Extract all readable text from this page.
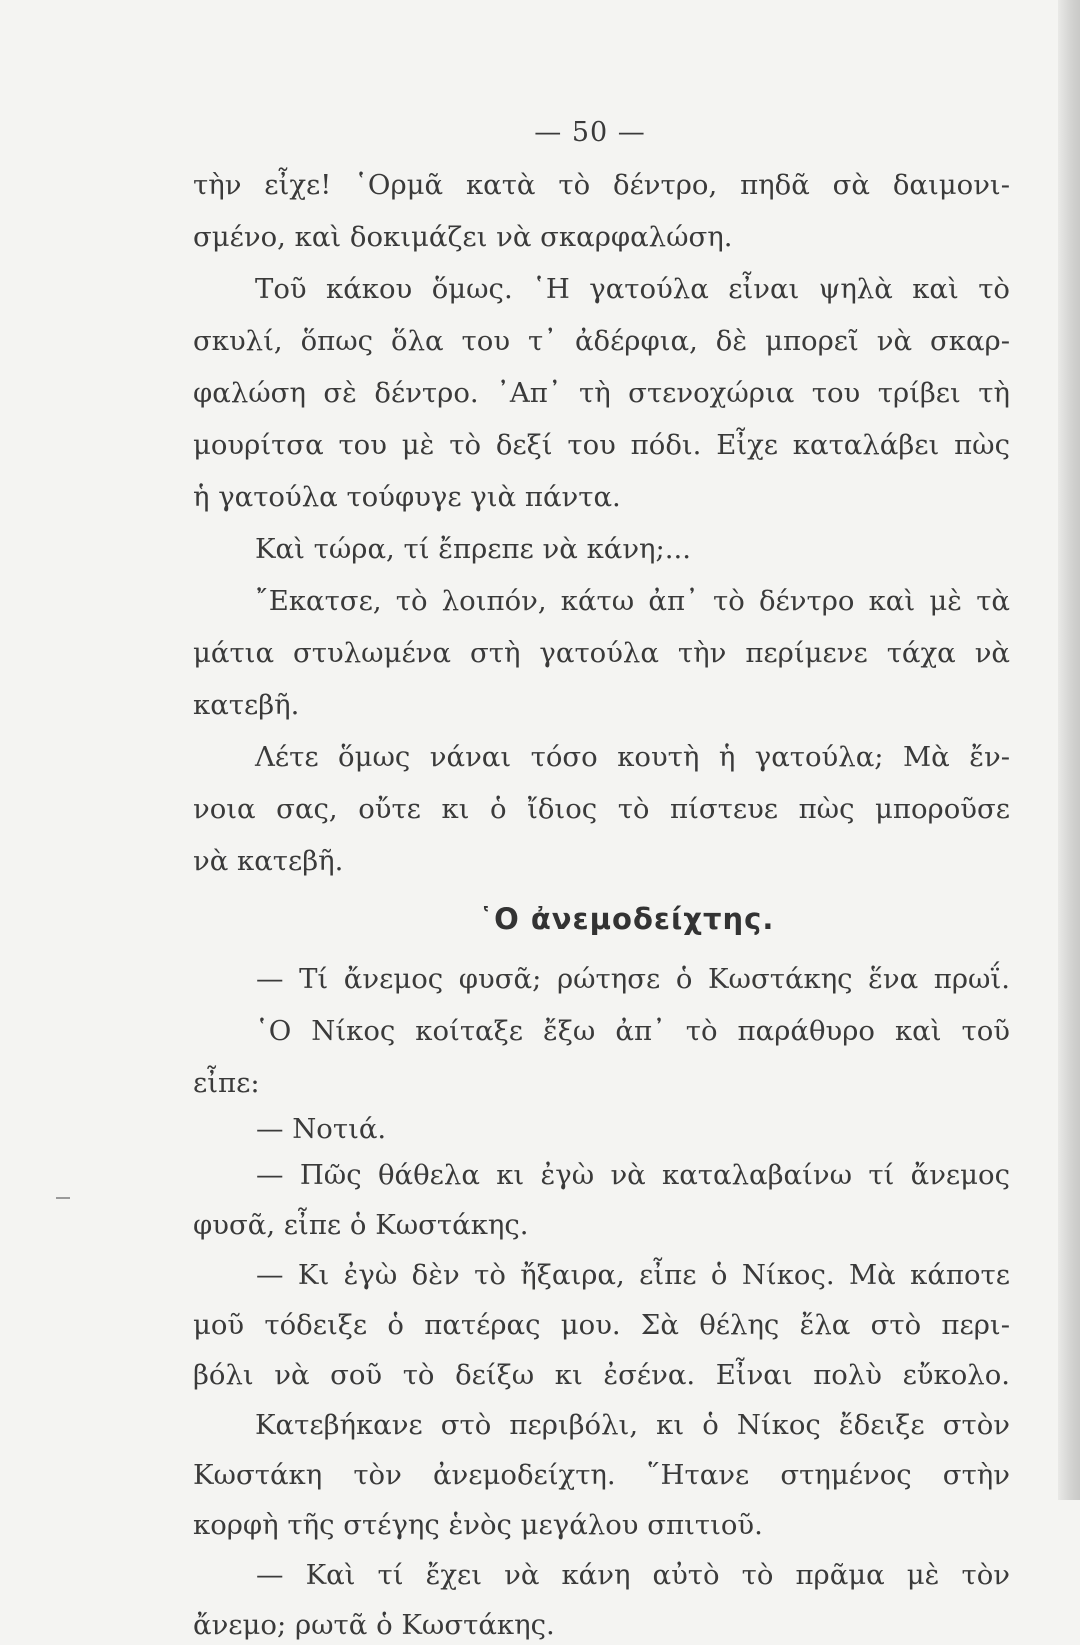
— 50 —
τὴν εἶχε! ῾Ορμᾶ κατὰ τὸ δέντρο, πηδᾶ σὰ δαιμονι-
σμένο, καὶ δοκιμάζει νὰ σκαρφαλώση.
Τοῦ κάκου ὅμως. ῾Η γατούλα εἶναι ψηλὰ καὶ τὸ
σκυλί, ὅπως ὅλα του τ᾿ ἀδέρφια, δὲ μπορεῖ νὰ σκαρ-
φαλώση σὲ δέντρο. ᾿Απ᾿ τὴ στενοχώρια του τρίβει τὴ
μουρίτσα του μὲ τὸ δεξί του πόδι. Εἶχε καταλάβει πὼς
ἡ γατούλα τούφυγε γιὰ πάντα.
Καὶ τώρα, τί ἔπρεπε νὰ κάνη;...
῎Εκατσε, τὸ λοιπόν, κάτω ἀπ᾿ τὸ δέντρο καὶ μὲ τὰ
μάτια στυλωμένα στὴ γατούλα τὴν περίμενε τάχα νὰ
κατεβῆ.
Λέτε ὅμως νάναι τόσο κουτὴ ἡ γατούλα; Μὰ ἔν-
νοια σας, οὔτε κι ὁ ἴδιος τὸ πίστευε πὼς μποροῦσε
νὰ κατεβῆ.
῾Ο ἀνεμοδείχτης.
— Τί ἄνεμος φυσᾶ; ρώτησε ὁ Κωστάκης ἕνα πρωΐ.
῾Ο Νίκος κοίταξε ἔξω ἀπ᾿ τὸ παράθυρο καὶ τοῦ
εἶπε:
— Νοτιά.
— Πῶς θάθελα κι ἐγὼ νὰ καταλαβαίνω τί ἄνεμος
φυσᾶ, εἶπε ὁ Κωστάκης.
— Κι ἐγὼ δὲν τὸ ἤξαιρα, εἶπε ὁ Νίκος. Μὰ κάποτε
μοῦ τόδειξε ὁ πατέρας μου. Σὰ θέλης ἔλα στὸ περι-
βόλι νὰ σοῦ τὸ δείξω κι ἐσένα. Εἶναι πολὺ εὔκολο.
Κατεβήκανε στὸ περιβόλι, κι ὁ Νίκος ἔδειξε στὸν
Κωστάκη τὸν ἀνεμοδείχτη. ῞Ητανε στημένος στὴν
κορφὴ τῆς στέγης ἑνὸς μεγάλου σπιτιοῦ.
— Καὶ τί ἔχει νὰ κάνη αὐτὸ τὸ πρᾶμα μὲ τὸν
ἄνεμο; ρωτᾶ ὁ Κωστάκης.
